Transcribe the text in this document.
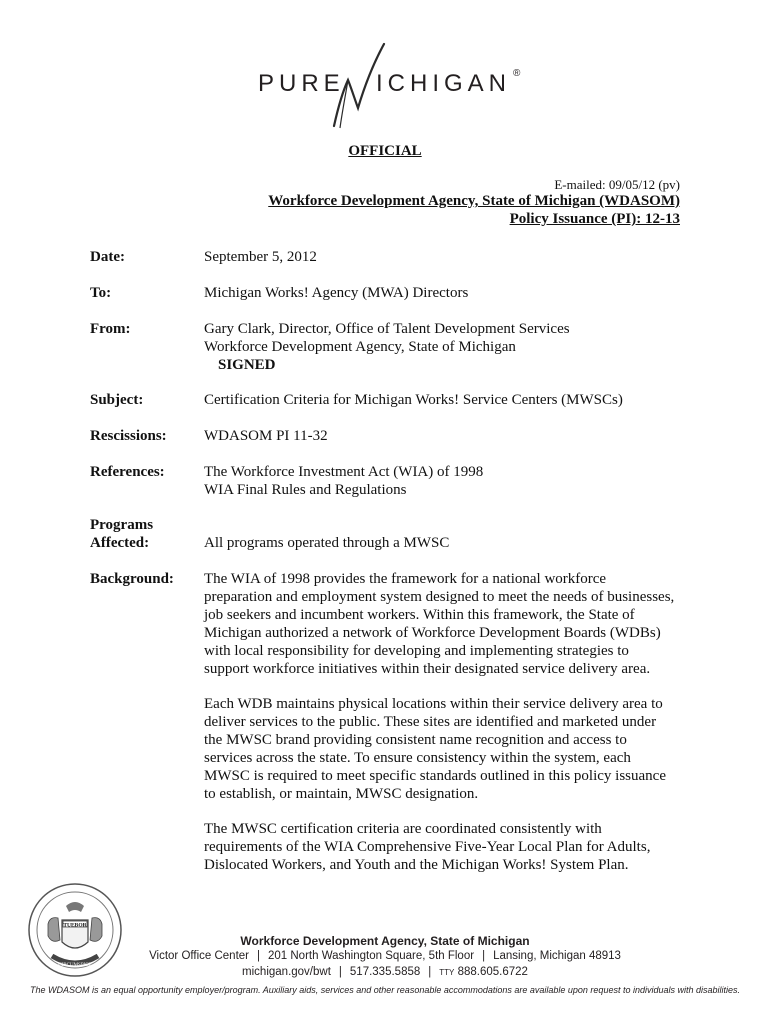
PURE ICHIGAN ®
OFFICIAL
E-mailed: 09/05/12 (pv)
Workforce Development Agency, State of Michigan (WDASOM)
Policy Issuance (PI): 12-13
Date:	September 5, 2012
To:	Michigan Works! Agency (MWA) Directors
From:	Gary Clark, Director, Office of Talent Development Services
Workforce Development Agency, State of Michigan
SIGNED
Subject:	Certification Criteria for Michigan Works! Service Centers (MWSCs)
Rescissions: WDASOM PI 11-32
References:	The Workforce Investment Act (WIA) of 1998
WIA Final Rules and Regulations
Programs
Affected:	All programs operated through a MWSC
Background: The WIA of 1998 provides the framework for a national workforce
preparation and employment system designed to meet the needs of businesses,
job seekers and incumbent workers. Within this framework, the State of
Michigan authorized a network of Workforce Development Boards (WDBs)
with local responsibility for developing and implementing strategies to
support workforce initiatives within their designated service delivery area.
Each WDB maintains physical locations within their service delivery area to
deliver services to the public. These sites are identified and marketed under
the MWSC brand providing consistent name recognition and access to
services across the state. To ensure consistency within the system, each
MWSC is required to meet specific standards outlined in this policy issuance
to establish, or maintain, MWSC designation.
The MWSC certification criteria are coordinated consistently with
requirements of the WIA Comprehensive Five-Year Local Plan for Adults,
Dislocated Workers, and Youth and the Michigan Works! System Plan.
TUEBOR
CIRCUMSPICE
Workforce Development Agency, State of Michigan
Victor Office Center | 201 North Washington Square, 5th Floor | Lansing, Michigan 48913
michigan.gov/bwt | 517.335.5858 | TTY 888.605.6722
The WDASOM is an equal opportunity employer/program. Auxiliary aids, services and other reasonable accommodations are available upon request to individuals with disabilities.
